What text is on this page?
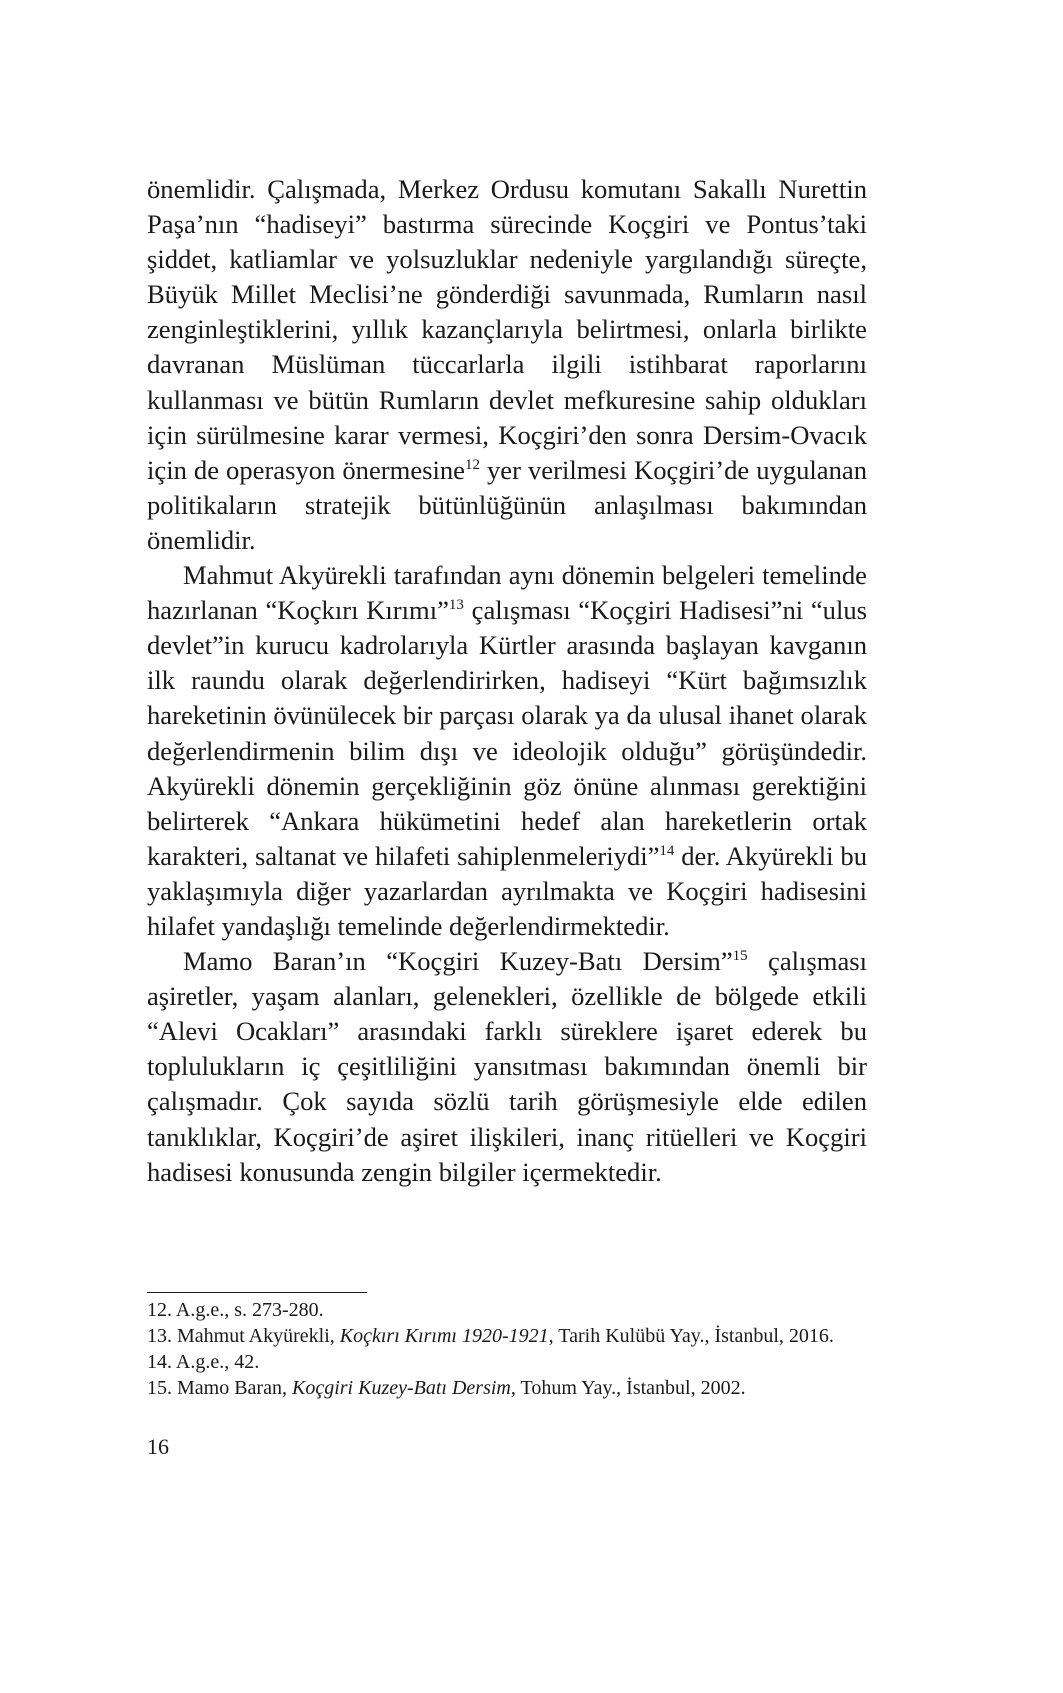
önemlidir. Çalışmada, Merkez Ordusu komutanı Sakallı Nurettin Paşa’nın “hadiseyi” bastırma sürecinde Koçgiri ve Pontus’taki şiddet, katliamlar ve yolsuzluklar nedeniyle yargılandığı süreçte, Büyük Millet Meclisi’ne gönderdiği savunmada, Rumların nasıl zenginleştiklerini, yıllık kazançlarıyla belirtmesi, onlarla birlikte davranan Müslüman tüccarlarla ilgili istihbarat raporlarını kullanması ve bütün Rumların devlet mefkuresine sahip oldukları için sürülmesine karar vermesi, Koçgiri’den sonra Dersim-Ovacık için de operasyon önermesine$^{12}$ yer verilmesi Koçgiri’de uygulanan politikaların stratejik bütünlüğünün anlaşılması bakımından önemlidir.

Mahmut Akyürekli tarafından aynı dönemin belgeleri temelinde hazırlanan “Koçkırı Kırımı”$^{13}$ çalışması “Koçgiri Hadisesi”ni “ulus devlet”in kurucu kadrolarıyla Kürtler arasında başlayan kavganın ilk raundu olarak değerlendirirken, hadiseyi “Kürt bağımsızlık hareketinin övünülecek bir parçası olarak ya da ulusal ihanet olarak değerlendirmenin bilim dışı ve ideolojik olduğu” görüşündedir. Akyürekli dönemin gerçekliğinin göz önüne alınması gerektiğini belirterek “Ankara hükümetini hedef alan hareketlerin ortak karakteri, saltanat ve hilafeti sahiplenmeleriydi”$^{14}$ der. Akyürekli bu yaklaşımıyla diğer yazarlardan ayrılmakta ve Koçgiri hadisesini hilafet yandaşlığı temelinde değerlendirmektedir.

Mamo Baran’ın “Koçgiri Kuzey-Batı Dersim”$^{15}$ çalışması aşiretler, yaşam alanları, gelenekleri, özellikle de bölgede etkili “Alevi Ocakları” arasındaki farklı süreklere işaret ederek bu toplulukların iç çeşitliliğini yansıtması bakımından önemli bir çalışmadır. Çok sayıda sözlü tarih görüşmesiyle elde edilen tanıklıklar, Koçgiri’de aşiret ilişkileri, inanç ritüelleri ve Koçgiri hadisesi konusunda zengin bilgiler içermektedir.

12. A.g.e., s. 273-280.

13. Mahmut Akyürekli, Koçkırı Kırımı 1920-1921, Tarih Kulübü Yay., İstanbul, 2016.

14. A.g.e., 42.

15. Mamo Baran, Koçgiri Kuzey-Batı Dersim, Tohum Yay., İstanbul, 2002.

16
